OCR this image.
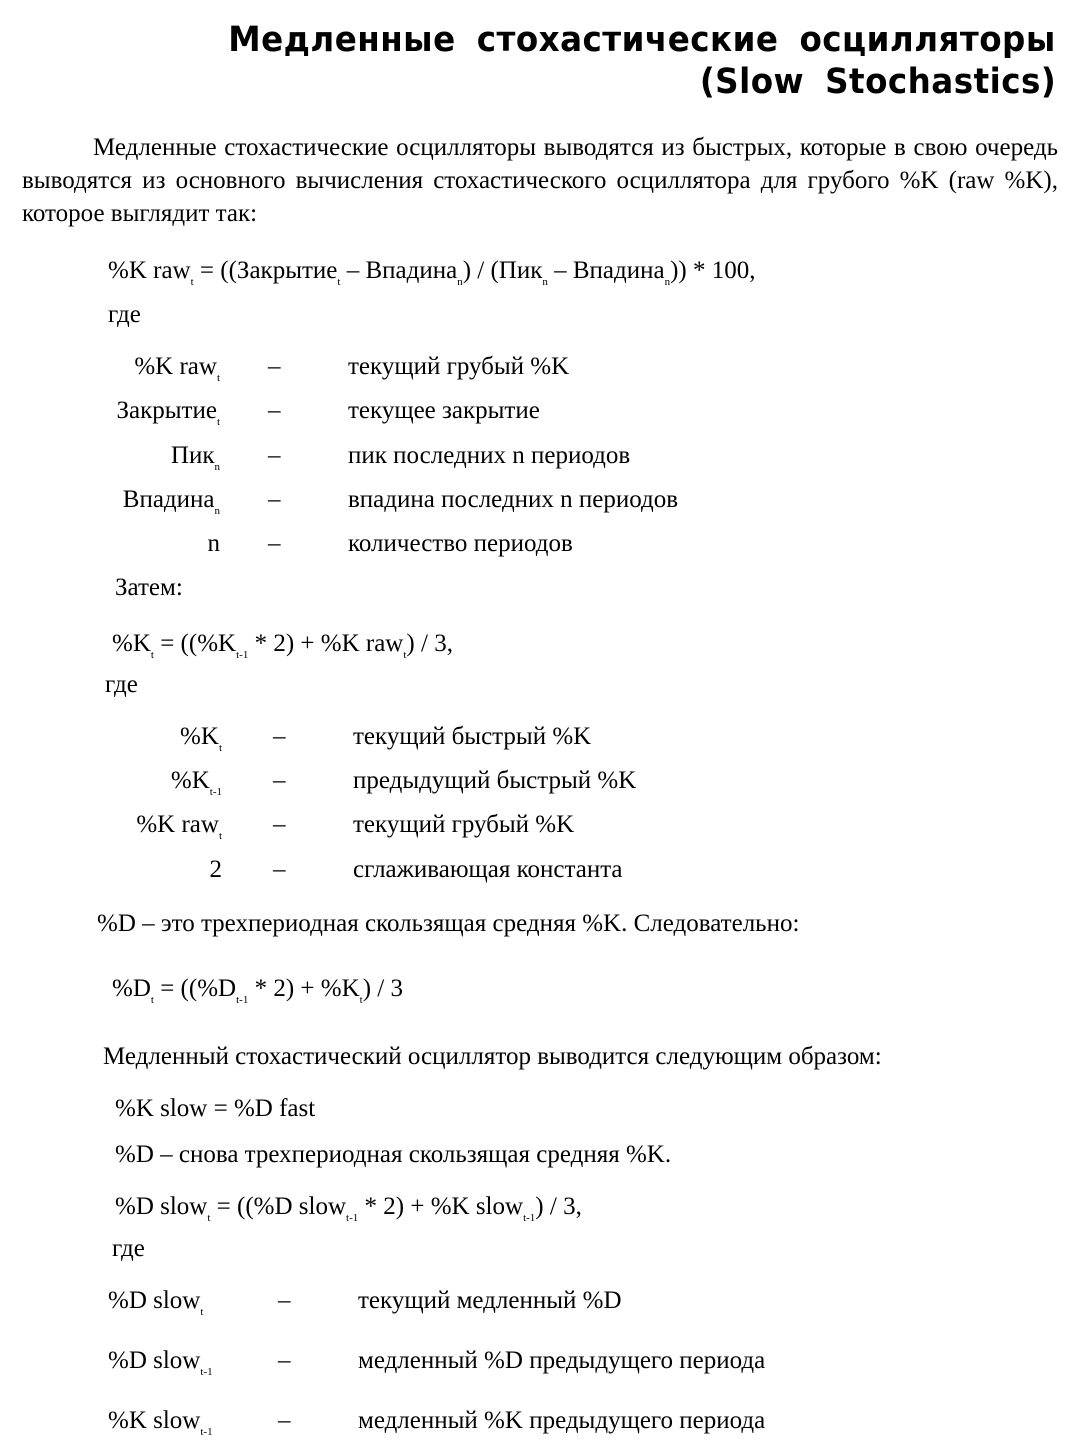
Медленные стохастические осцилляторы
(Slow Stochastics)
Медленные стохастические осцилляторы выводятся из быстрых, которые в свою очередь выводятся из основного вычисления стохастического осциллятора для грубого %K (raw %K), которое выглядит так:
%K raw$_t$ = ((Закрытие$_t$ – Впадина$_n$) / (Пик$_n$ – Впадина$_n$)) * 100,
где
%K raw$_t$ –	текущий грубый %K
Закрытие$_t$ –	текущее закрытие
Пик$_n$ –	пик последних n периодов
Впадина$_n$ –	впадина последних n периодов
n –	количество периодов
Затем:
$\%K_t = ((\%K_{t-1} * 2) + \%K$ raw$_t$) / 3,
где
$\%K_t$ –	текущий быстрый %K
$\%K_{t-1}$ –	предыдущий быстрый %K
%K raw$_t$ –	текущий грубый %K
2 –	сглаживающая константа
%D – это трехпериодная скользящая средняя %K. Следовательно:
$\%D_t = ((\%D_{t-1} * 2) + \%K_t) / 3$
Медленный стохастический осциллятор выводится следующим образом:
%K slow = %D fast
%D – снова трехпериодная скользящая средняя %K.
%D slow$_t$ = ((%D slow$_{t-1}$ * 2) + %K slow$_{t-1}$) / 3,
где
%D slow$_t$	–	текущий медленный %D
%D slow$_{t-1}$	–	медленный %D предыдущего периода
%K slow$_{t-1}$	–	медленный %K предыдущего периода
